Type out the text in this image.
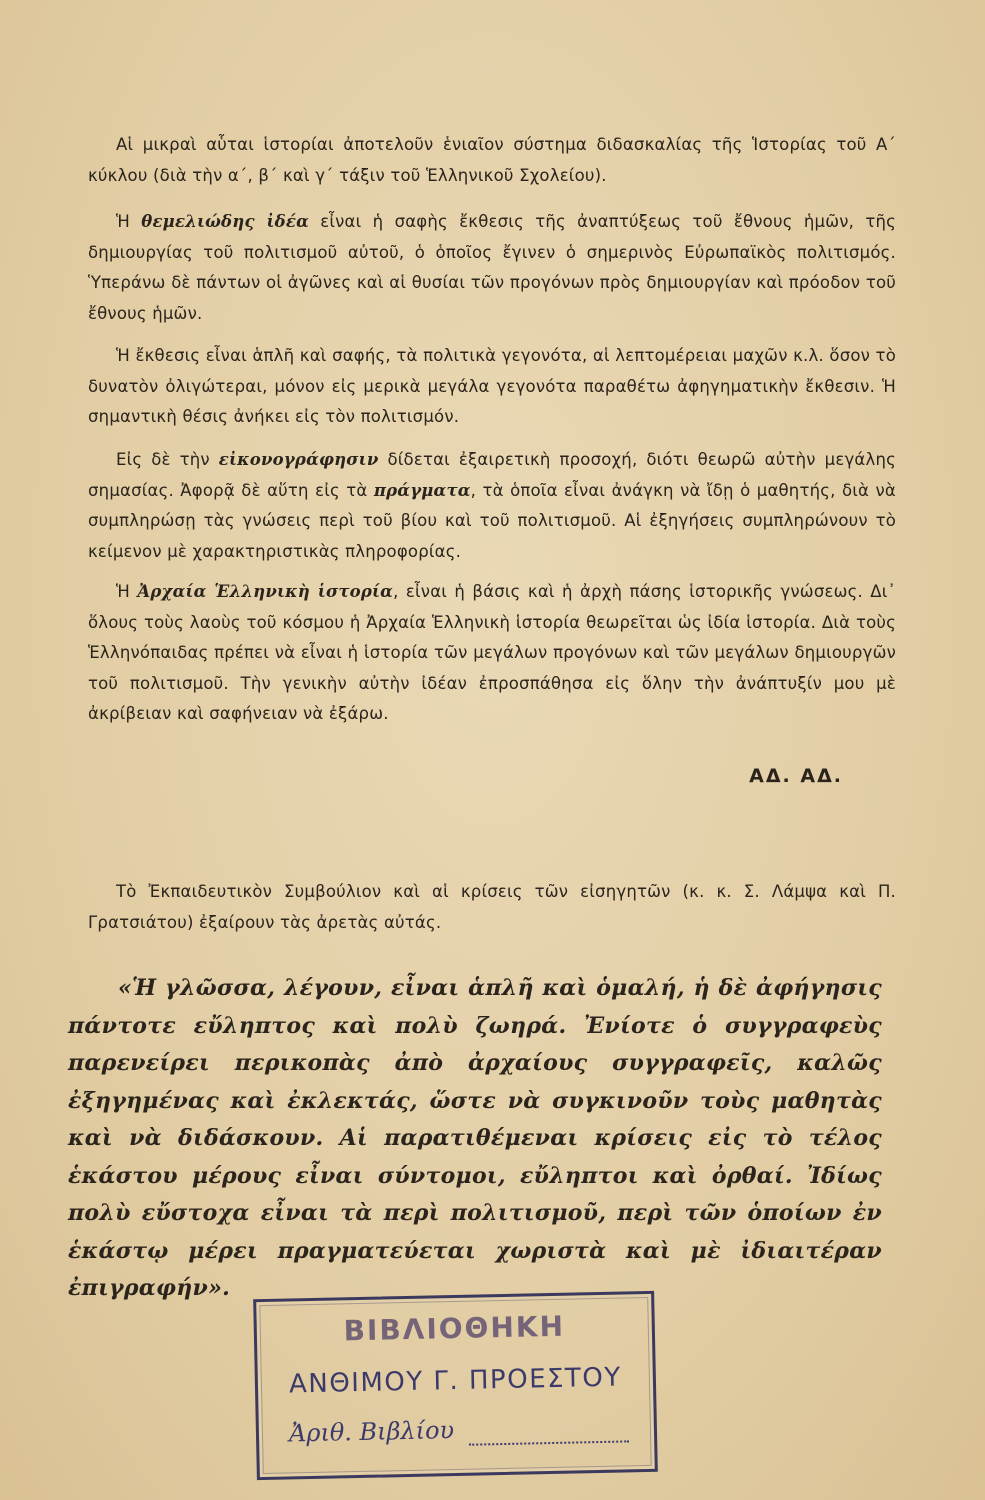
Αἱ μικραὶ αὗται ἱστορίαι ἀποτελοῦν ἑνιαῖον σύστημα διδασκαλίας τῆς Ἱστορίας τοῦ Α΄ κύκλου (διὰ τὴν α΄, β΄ καὶ γ΄ τάξιν τοῦ Ἑλληνικοῦ Σχολείου).

Ἡ θεμελιώδης ἰδέα εἶναι ἡ σαφὴς ἔκθεσις τῆς ἀναπτύξεως τοῦ ἔθνους ἡμῶν, τῆς δημιουργίας τοῦ πολιτισμοῦ αὐτοῦ, ὁ ὁποῖος ἔγινεν ὁ σημερινὸς Εὐρωπαϊκὸς πολιτισμός. Ὑπεράνω δὲ πάντων οἱ ἀγῶνες καὶ αἱ θυσίαι τῶν προγόνων πρὸς δημιουργίαν καὶ πρόοδον τοῦ ἔθνους ἡμῶν.

Ἡ ἔκθεσις εἶναι ἁπλῆ καὶ σαφής, τὰ πολιτικὰ γεγονότα, αἱ λεπτομέρειαι μαχῶν κ.λ. ὅσον τὸ δυνατὸν ὀλιγώτεραι, μόνον εἰς μερικὰ μεγάλα γεγονότα παραθέτω ἀφηγηματικὴν ἔκθεσιν. Ἡ σημαντικὴ θέσις ἀνήκει εἰς τὸν πολιτισμόν.

Εἰς δὲ τὴν εἰκονογράφησιν δίδεται ἐξαιρετικὴ προσοχή, διότι θεωρῶ αὐτὴν μεγάλης σημασίας. Ἀφορᾷ δὲ αὕτη εἰς τὰ πράγματα, τὰ ὁποῖα εἶναι ἀνάγκη νὰ ἴδῃ ὁ μαθητής, διὰ νὰ συμπληρώσῃ τὰς γνώσεις περὶ τοῦ βίου καὶ τοῦ πολιτισμοῦ. Αἱ ἐξηγήσεις συμπληρώνουν τὸ κείμενον μὲ χαρακτηριστικὰς πληροφορίας.

Ἡ Ἀρχαία Ἑλληνικὴ ἱστορία, εἶναι ἡ βάσις καὶ ἡ ἀρχὴ πάσης ἱστορικῆς γνώσεως. Δι᾽ ὅλους τοὺς λαοὺς τοῦ κόσμου ἡ Ἀρχαία Ἑλληνικὴ ἱστορία θεωρεῖται ὡς ἰδία ἱστορία. Διὰ τοὺς Ἑλληνόπαιδας πρέπει νὰ εἶναι ἡ ἱστορία τῶν μεγάλων προγόνων καὶ τῶν μεγάλων δημιουργῶν τοῦ πολιτισμοῦ. Τὴν γενικὴν αὐτὴν ἰδέαν ἐπροσπάθησα εἰς ὅλην τὴν ἀνάπτυξίν μου μὲ ἀκρίβειαν καὶ σαφήνειαν νὰ ἐξάρω.

ΑΔ. ΑΔ.

Τὸ Ἐκπαιδευτικὸν Συμβούλιον καὶ αἱ κρίσεις τῶν εἰσηγητῶν (κ. κ. Σ. Λάμψα καὶ Π. Γρατσιάτου) ἐξαίρουν τὰς ἀρετὰς αὐτάς.

«Ἡ γλῶσσα, λέγουν, εἶναι ἁπλῆ καὶ ὁμαλή, ἡ δὲ ἀφήγησις πάντοτε εὔληπτος καὶ πολὺ ζωηρά. Ἐνίοτε ὁ συγγραφεὺς παρενείρει περικοπὰς ἀπὸ ἀρχαίους συγγραφεῖς, καλῶς ἐξηγημένας καὶ ἐκλεκτάς, ὥστε νὰ συγκινοῦν τοὺς μαθητὰς καὶ νὰ διδάσκουν. Αἱ παρατιθέμεναι κρίσεις εἰς τὸ τέλος ἑκάστου μέρους εἶναι σύντομοι, εὔληπτοι καὶ ὀρθαί. Ἰδίως πολὺ εὔστοχα εἶναι τὰ περὶ πολιτισμοῦ, περὶ τῶν ὁποίων ἐν ἑκάστῳ μέρει πραγματεύεται χωριστὰ καὶ μὲ ἰδιαιτέραν ἐπιγραφήν».

ΒΙΒΛΙΟΘΗΚΗ
ΑΝΘΙΜΟΥ Γ. ΠΡΟΕΣΤΟΥ
Ἀριθ. Βιβλίου
